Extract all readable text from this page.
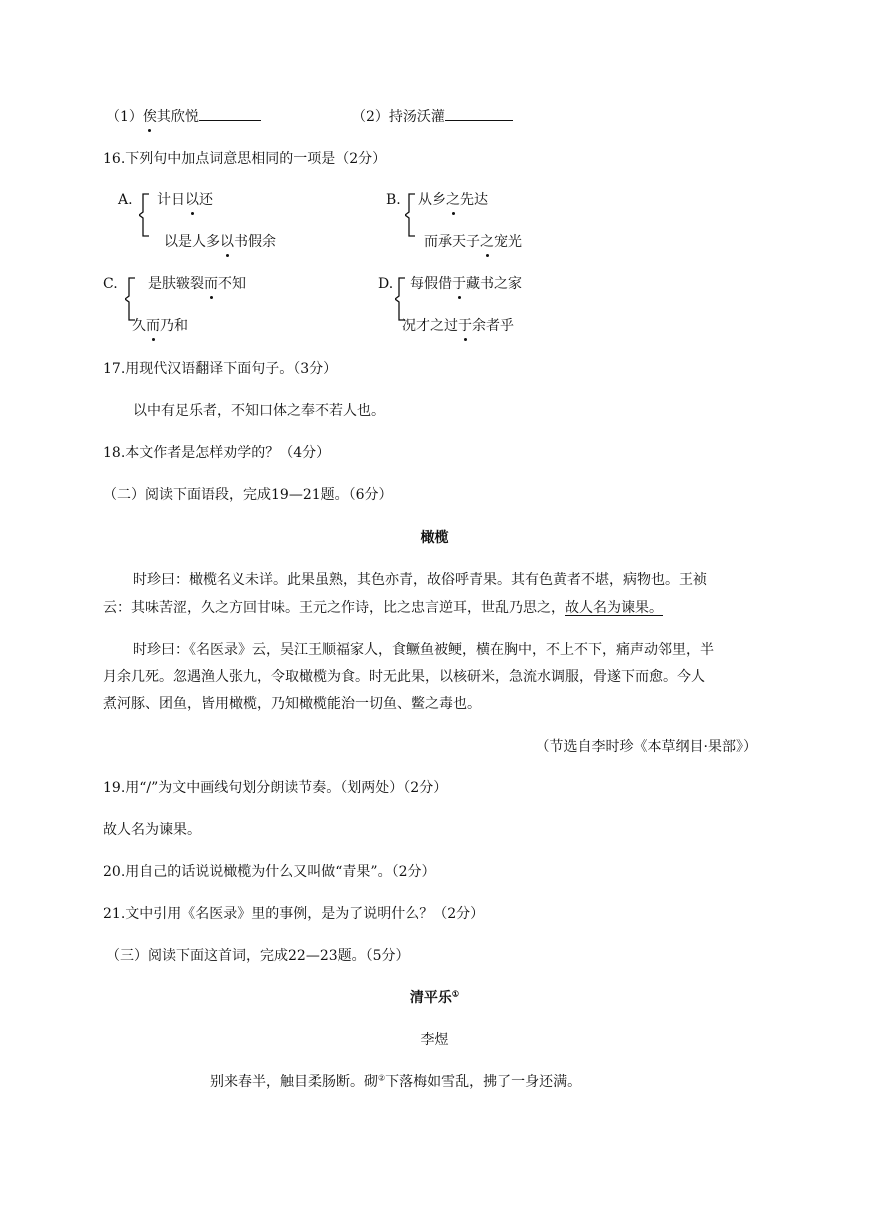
（1）俟其欣悦	（2）持汤沃灌
16.下列句中加点词意思相同的一项是（2分）
A. 计日以还
以是人多以书假余
B. 从乡之先达
而承天子之宠光
C. 是肤皲裂而不知
久而乃和
D. 每假借于藏书之家
况才之过于余者乎
17.用现代汉语翻译下面句子。（3分）
以中有足乐者，不知口体之奉不若人也。
18.本文作者是怎样劝学的？（4分）
（二）阅读下面语段，完成19—21题。（6分）
橄榄
时珍曰：橄榄名义未详。此果虽熟，其色亦青，故俗呼青果。其有色黄者不堪，病物也。王祯
云：其味苦涩，久之方回甘味。王元之作诗，比之忠言逆耳，世乱乃思之，故人名为谏果。
时珍曰：《名医录》云，吴江王顺福家人，食鳜鱼被鲠，横在胸中，不上不下，痛声动邻里，半
月余几死。忽遇渔人张九，令取橄榄为食。时无此果，以核研米，急流水调服，骨遂下而愈。今人
煮河豚、团鱼，皆用橄榄，乃知橄榄能治一切鱼、鳖之毒也。
（节选自李时珍《本草纲目·果部》）
19.用“/”为文中画线句划分朗读节奏。（划两处）（2分）
故人名为谏果。
20.用自己的话说说橄榄为什么又叫做“青果”。（2分）
21.文中引用《名医录》里的事例，是为了说明什么？（2分）
（三）阅读下面这首词，完成22—23题。（5分）
清平乐①
李煜
别来春半，触目柔肠断。砌②下落梅如雪乱，拂了一身还满。
